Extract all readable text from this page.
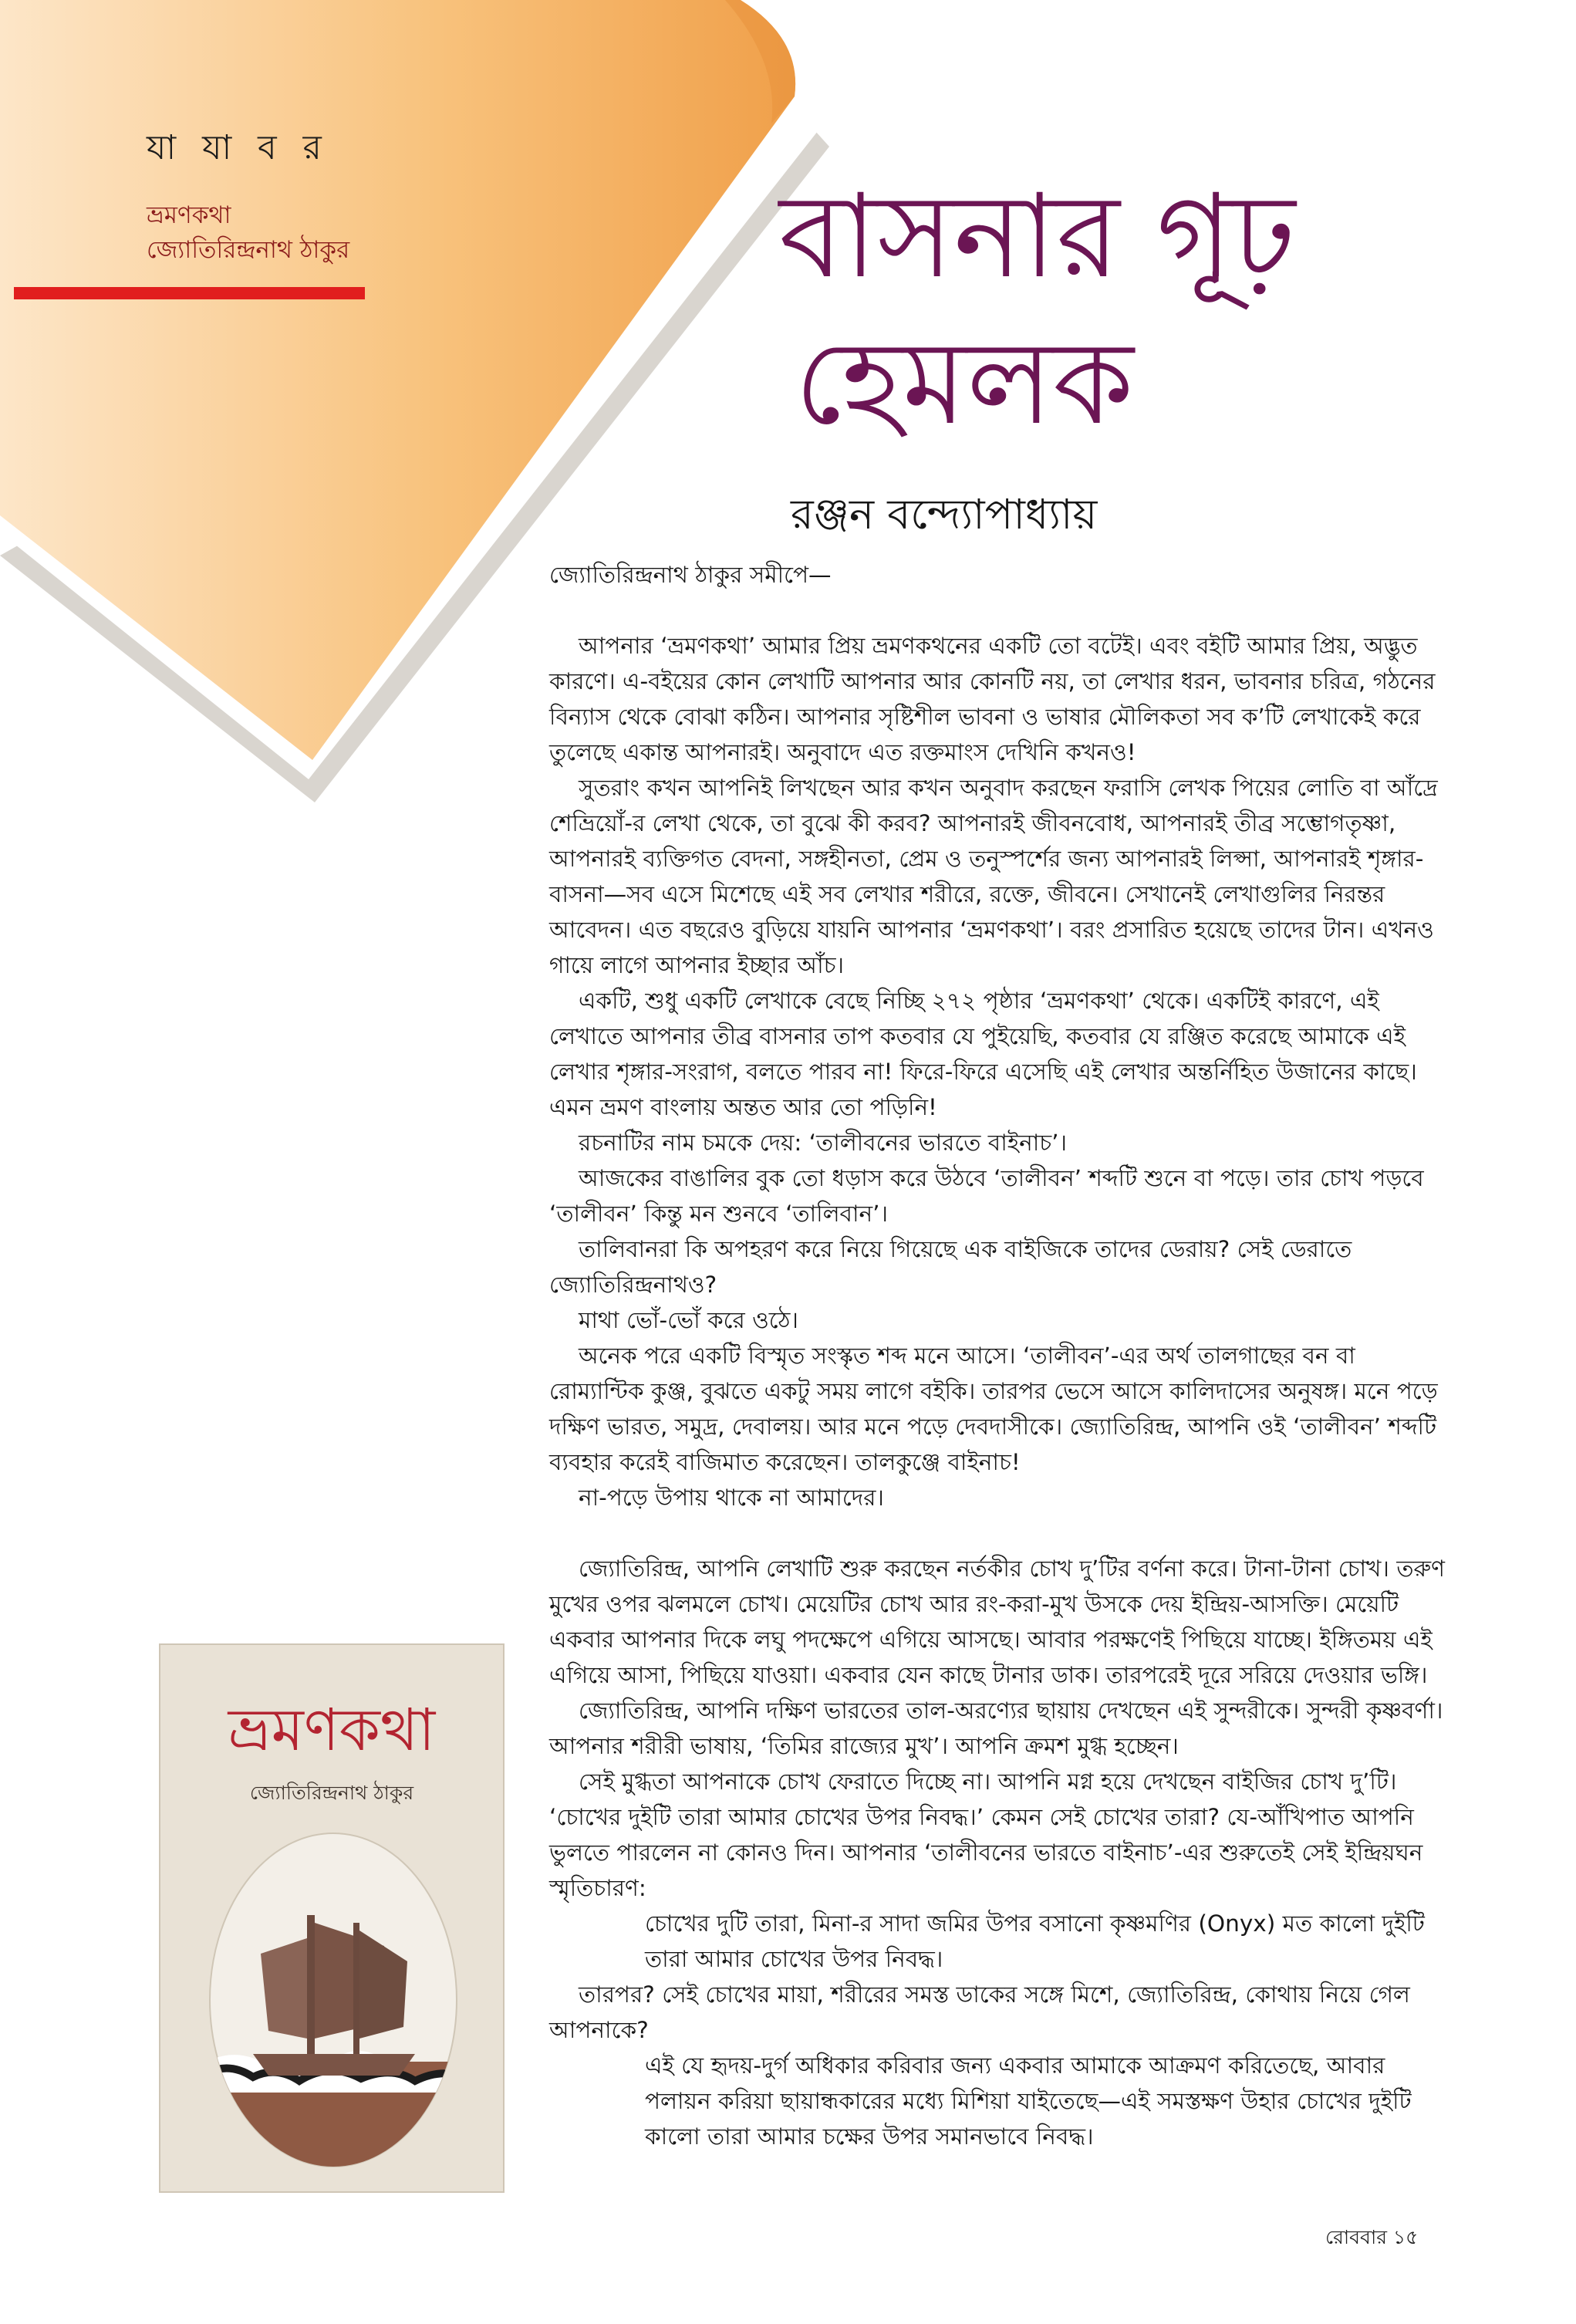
যা যা ব র
ভ্রমণকথা
জ্যোতিরিন্দ্রনাথ ঠাকুর	বাসনার গূঢ়
হেমলক
রঞ্জন বন্দ্যোপাধ্যায়

জ্যোতিরিন্দ্রনাথ ঠাকুর সমীপে—

আপনার ‘ভ্রমণকথা’ আমার প্রিয় ভ্রমণকথনের একটি তো বটেই। এবং বইটি আমার প্রিয়, অদ্ভুত কারণে। এ-বইয়ের কোন লেখাটি আপনার আর কোনটি নয়, তা লেখার ধরন, ভাবনার চরিত্র, গঠনের বিন্যাস থেকে বোঝা কঠিন। আপনার সৃষ্টিশীল ভাবনা ও ভাষার মৌলিকতা সব ক’টি লেখাকেই করে তুলেছে একান্ত আপনারই। অনুবাদে এত রক্তমাংস দেখিনি কখনও!

সুতরাং কখন আপনিই লিখছেন আর কখন অনুবাদ করছেন ফরাসি লেখক পিয়ের লোতি বা আঁদ্রে শেভ্রিয়োঁ-র লেখা থেকে, তা বুঝে কী করব? আপনারই জীবনবোধ, আপনারই তীব্র সম্ভোগতৃষ্ণা, আপনারই ব্যক্তিগত বেদনা, সঙ্গহীনতা, প্রেম ও তনুস্পর্শের জন্য আপনারই লিপ্সা, আপনারই শৃঙ্গার-বাসনা—সব এসে মিশেছে এই সব লেখার শরীরে, রক্তে, জীবনে। সেখানেই লেখাগুলির নিরন্তর আবেদন। এত বছরেও বুড়িয়ে যায়নি আপনার ‘ভ্রমণকথা’। বরং প্রসারিত হয়েছে তাদের টান। এখনও গায়ে লাগে আপনার ইচ্ছার আঁচ।

একটি, শুধু একটি লেখাকে বেছে নিচ্ছি ২৭২ পৃষ্ঠার ‘ভ্রমণকথা’ থেকে। একটিই কারণে, এই লেখাতে আপনার তীব্র বাসনার তাপ কতবার যে পুইয়েছি, কতবার যে রঞ্জিত করেছে আমাকে এই লেখার শৃঙ্গার-সংরাগ, বলতে পারব না! ফিরে-ফিরে এসেছি এই লেখার অন্তর্নিহিত উজানের কাছে। এমন ভ্রমণ বাংলায় অন্তত আর তো পড়িনি!

রচনাটির নাম চমকে দেয়: ‘তালীবনের ভারতে বাইনাচ’।

আজকের বাঙালির বুক তো ধড়াস করে উঠবে ‘তালীবন’ শব্দটি শুনে বা পড়ে। তার চোখ পড়বে ‘তালীবন’ কিন্তু মন শুনবে ‘তালিবান’।

তালিবানরা কি অপহরণ করে নিয়ে গিয়েছে এক বাইজিকে তাদের ডেরায়? সেই ডেরাতে জ্যোতিরিন্দ্রনাথও?

মাথা ভোঁ-ভোঁ করে ওঠে।

অনেক পরে একটি বিস্মৃত সংস্কৃত শব্দ মনে আসে। ‘তালীবন’-এর অর্থ তালগাছের বন বা রোম্যান্টিক কুঞ্জ, বুঝতে একটু সময় লাগে বইকি। তারপর ভেসে আসে কালিদাসের অনুষঙ্গ। মনে পড়ে দক্ষিণ ভারত, সমুদ্র, দেবালয়। আর মনে পড়ে দেবদাসীকে। জ্যোতিরিন্দ্র, আপনি ওই ‘তালীবন’ শব্দটি ব্যবহার করেই বাজিমাত করেছেন। তালকুঞ্জে বাইনাচ!

না-পড়ে উপায় থাকে না আমাদের।

জ্যোতিরিন্দ্র, আপনি লেখাটি শুরু করছেন নর্তকীর চোখ দু’টির বর্ণনা করে। টানা-টানা চোখ। তরুণ মুখের ওপর ঝলমলে চোখ। মেয়েটির চোখ আর রং-করা-মুখ উসকে দেয় ইন্দ্রিয়-আসক্তি। মেয়েটি একবার আপনার দিকে লঘু পদক্ষেপে এগিয়ে আসছে। আবার পরক্ষণেই পিছিয়ে যাচ্ছে। ইঙ্গিতময় এই এগিয়ে আসা, পিছিয়ে যাওয়া। একবার যেন কাছে টানার ডাক। তারপরেই দূরে সরিয়ে দেওয়ার ভঙ্গি।

জ্যোতিরিন্দ্র, আপনি দক্ষিণ ভারতের তাল-অরণ্যের ছায়ায় দেখছেন এই সুন্দরীকে। সুন্দরী কৃষ্ণবর্ণা। আপনার শরীরী ভাষায়, ‘তিমির রাজ্যের মুখ’। আপনি ক্রমশ মুগ্ধ হচ্ছেন।

সেই মুগ্ধতা আপনাকে চোখ ফেরাতে দিচ্ছে না। আপনি মগ্ন হয়ে দেখছেন বাইজির চোখ দু’টি। ‘চোখের দুইটি তারা আমার চোখের উপর নিবদ্ধ।’ কেমন সেই চোখের তারা? যে-আঁখিপাত আপনি ভুলতে পারলেন না কোনও দিন। আপনার ‘তালীবনের ভারতে বাইনাচ’-এর শুরুতেই সেই ইন্দ্রিয়ঘন স্মৃতিচারণ:

চোখের দুটি তারা, মিনা-র সাদা জমির উপর বসানো কৃষ্ণমণির (Onyx) মত কালো দুইটি তারা আমার চোখের উপর নিবদ্ধ।

তারপর? সেই চোখের মায়া, শরীরের সমস্ত ডাকের সঙ্গে মিশে, জ্যোতিরিন্দ্র, কোথায় নিয়ে গেল আপনাকে?

এই যে হৃদয়-দুর্গ অধিকার করিবার জন্য একবার আমাকে আক্রমণ করিতেছে, আবার পলায়ন করিয়া ছায়ান্ধকারের মধ্যে মিশিয়া যাইতেছে—এই সমস্তক্ষণ উহার চোখের দুইটি কালো তারা আমার চক্ষের উপর সমানভাবে নিবদ্ধ।

ভ্রমণকথা
জ্যোতিরিন্দ্রনাথ ঠাকুর
রোববার ১৫
